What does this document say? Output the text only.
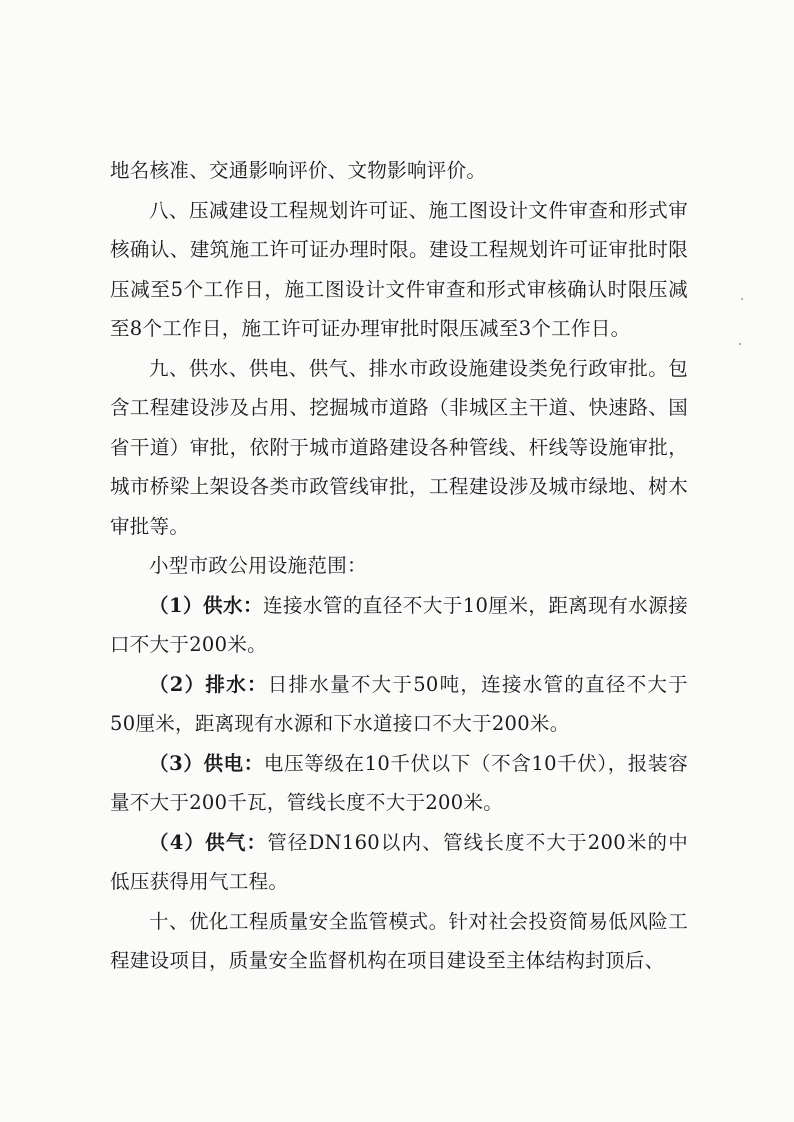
地名核准、交通影响评价、文物影响评价。

八、压减建设工程规划许可证、施工图设计文件审查和形式审核确认、建筑施工许可证办理时限。建设工程规划许可证审批时限压减至5个工作日，施工图设计文件审查和形式审核确认时限压减至8个工作日，施工许可证办理审批时限压减至3个工作日。

九、供水、供电、供气、排水市政设施建设类免行政审批。包含工程建设涉及占用、挖掘城市道路（非城区主干道、快速路、国省干道）审批，依附于城市道路建设各种管线、杆线等设施审批，城市桥梁上架设各类市政管线审批，工程建设涉及城市绿地、树木审批等。

小型市政公用设施范围：

（1）供水：连接水管的直径不大于10厘米，距离现有水源接口不大于200米。

（2）排水：日排水量不大于50吨，连接水管的直径不大于50厘米，距离现有水源和下水道接口不大于200米。

（3）供电：电压等级在10千伏以下（不含10千伏），报装容量不大于200千瓦，管线长度不大于200米。

（4）供气：管径DN160以内、管线长度不大于200米的中低压获得用气工程。

十、优化工程质量安全监管模式。针对社会投资简易低风险工程建设项目，质量安全监督机构在项目建设至主体结构封顶后、
